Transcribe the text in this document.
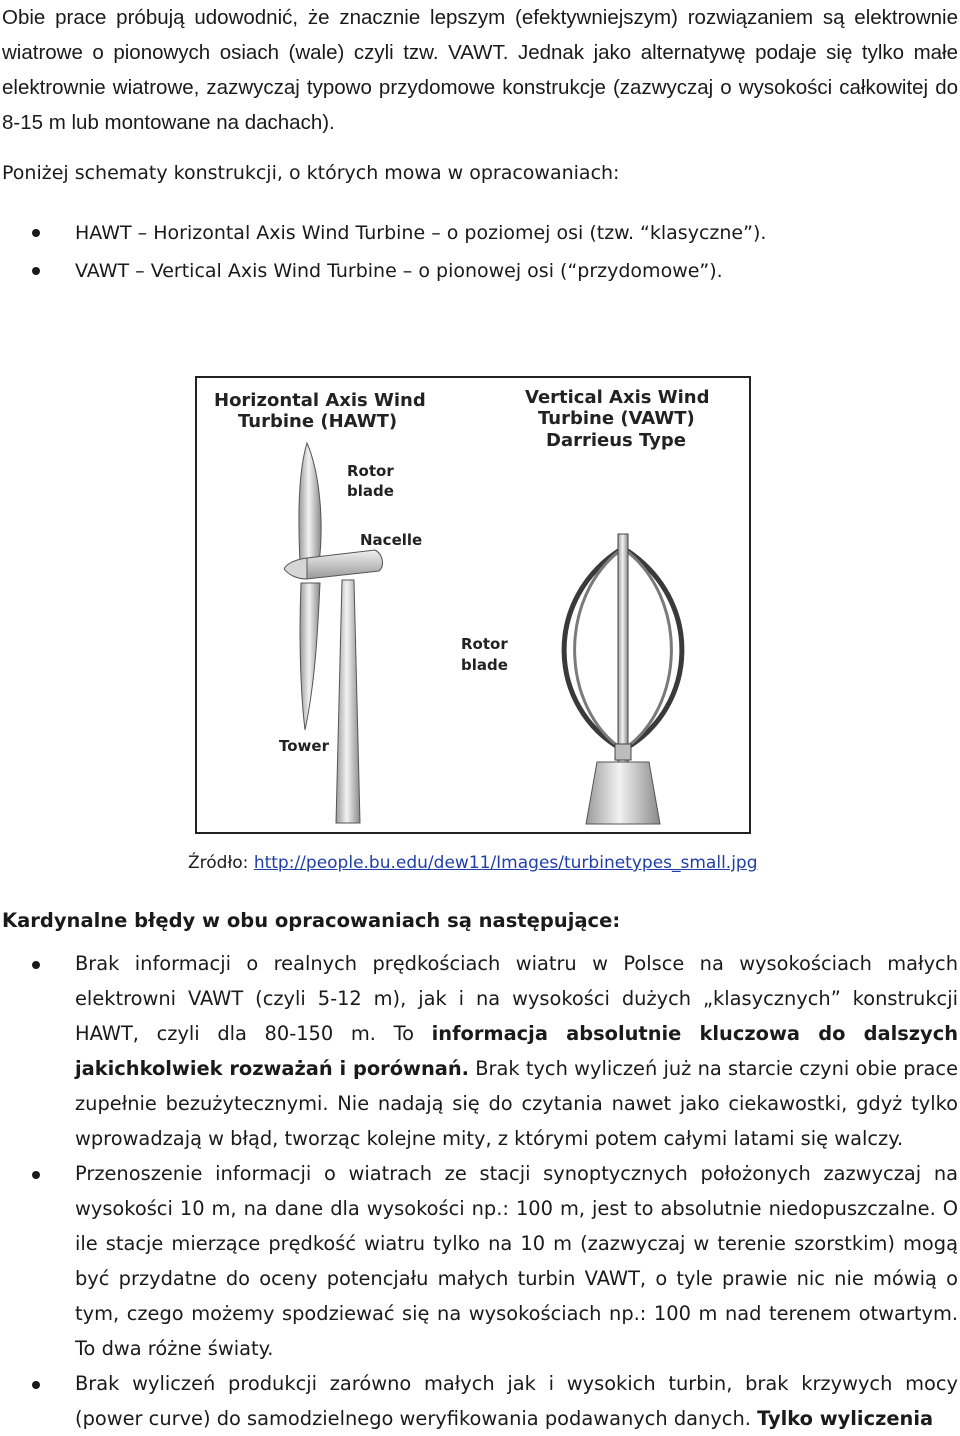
Obie prace próbują udowodnić, że znacznie lepszym (efektywniejszym) rozwiązaniem są elektrownie wiatrowe o pionowych osiach (wale) czyli tzw. VAWT. Jednak jako alternatywę podaje się tylko małe elektrownie wiatrowe, zazwyczaj typowo przydomowe konstrukcje (zazwyczaj o wysokości całkowitej do 8-15 m lub montowane na dachach).

Poniżej schematy konstrukcji, o których mowa w opracowaniach:

HAWT – Horizontal Axis Wind Turbine – o poziomej osi (tzw. “klasyczne”).
VAWT – Vertical Axis Wind Turbine – o pionowej osi (“przydomowe”).
Horizontal Axis Wind
Turbine (HAWT)
Vertical Axis Wind
Turbine (VAWT)
Darrieus Type
Rotor
blade
Nacelle
Tower
Rotor
blade
Źródło: http://people.bu.edu/dew11/Images/turbinetypes_small.jpg
Kardynalne błędy w obu opracowaniach są następujące:
Brak informacji o realnych prędkościach wiatru w Polsce na wysokościach małych elektrowni VAWT (czyli 5-12 m), jak i na wysokości dużych „klasycznych” konstrukcji HAWT, czyli dla 80-150 m. To informacja absolutnie kluczowa do dalszych jakichkolwiek rozważań i porównań. Brak tych wyliczeń już na starcie czyni obie prace zupełnie bezużytecznymi. Nie nadają się do czytania nawet jako ciekawostki, gdyż tylko wprowadzają w błąd, tworząc kolejne mity, z którymi potem całymi latami się walczy.
Przenoszenie informacji o wiatrach ze stacji synoptycznych położonych zazwyczaj na wysokości 10 m, na dane dla wysokości np.: 100 m, jest to absolutnie niedopuszczalne. O ile stacje mierzące prędkość wiatru tylko na 10 m (zazwyczaj w terenie szorstkim) mogą być przydatne do oceny potencjału małych turbin VAWT, o tyle prawie nic nie mówią o tym, czego możemy spodziewać się na wysokościach np.: 100 m nad terenem otwartym. To dwa różne światy.
Brak wyliczeń produkcji zarówno małych jak i wysokich turbin, brak krzywych mocy (power curve) do samodzielnego weryfikowania podawanych danych. Tylko wyliczenia
